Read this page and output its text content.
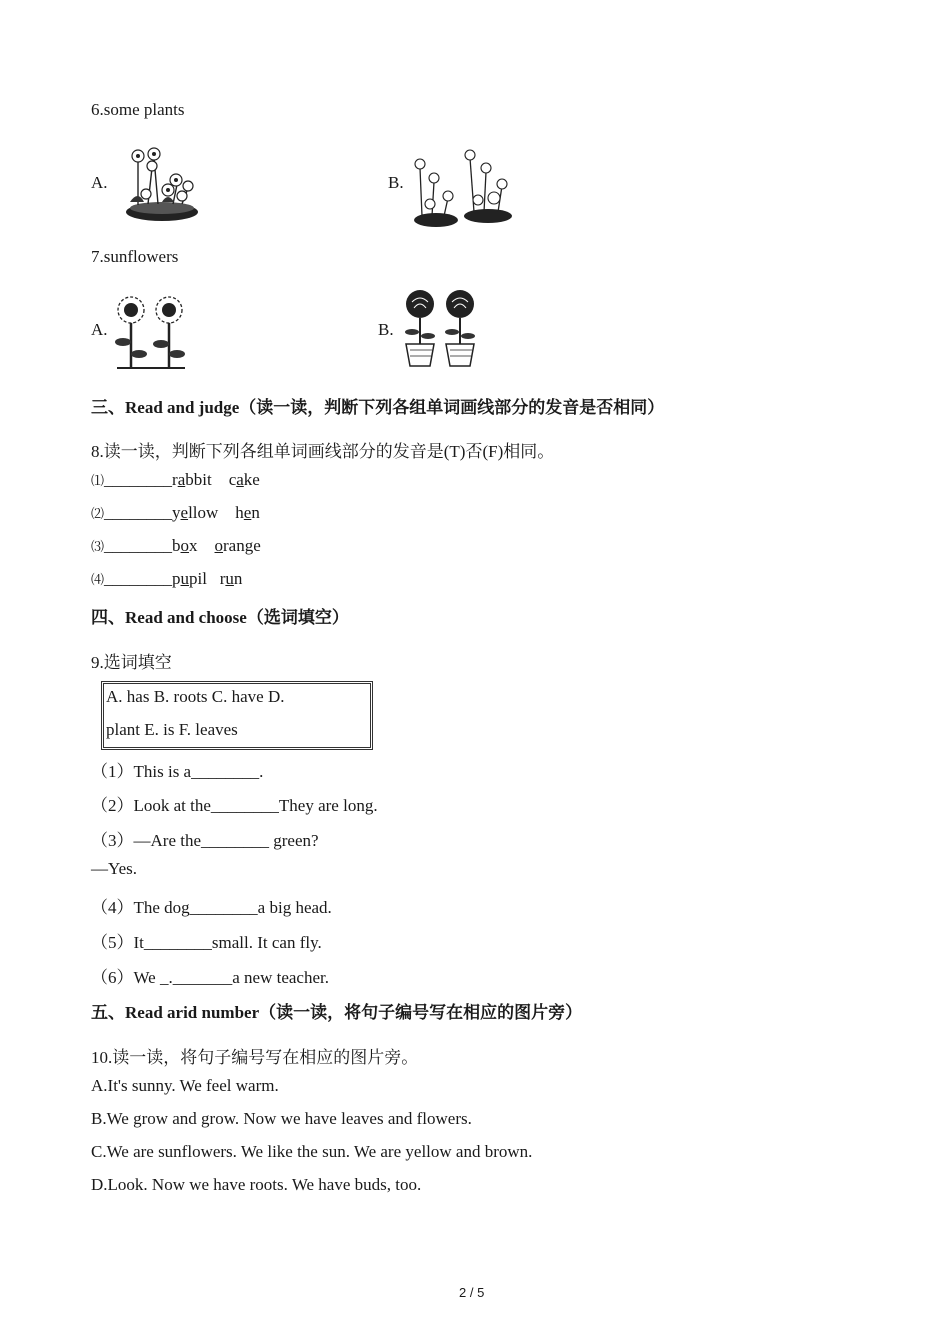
6.some plants
A.	B.
7.sunflowers
A.	B.
三、Read and judge（读一读，判断下列各组单词画线部分的发音是否相同）
8.读一读，判断下列各组单词画线部分的发音是(T)否(F)相同。
⑴________rabbit cake
⑵________yellow hen
⑶________box orange
⑷________pupil run
四、Read and choose（选词填空）
9.选词填空
A. has B. roots C. have D.
plant E. is F. leaves
（1）This is a________.
（2）Look at the________They are long.
（3）—Are the________ green?
—Yes.
（4）The dog________a big head.
（5）It________small. It can fly.
（6）We _._______a new teacher.
五、Read arid number（读一读，将句子编号写在相应的图片旁）
10.读一读，将句子编号写在相应的图片旁。
A.It's sunny. We feel warm.
B.We grow and grow. Now we have leaves and flowers.
C.We are sunflowers. We like the sun. We are yellow and brown.
D.Look. Now we have roots. We have buds, too.
2 / 5
